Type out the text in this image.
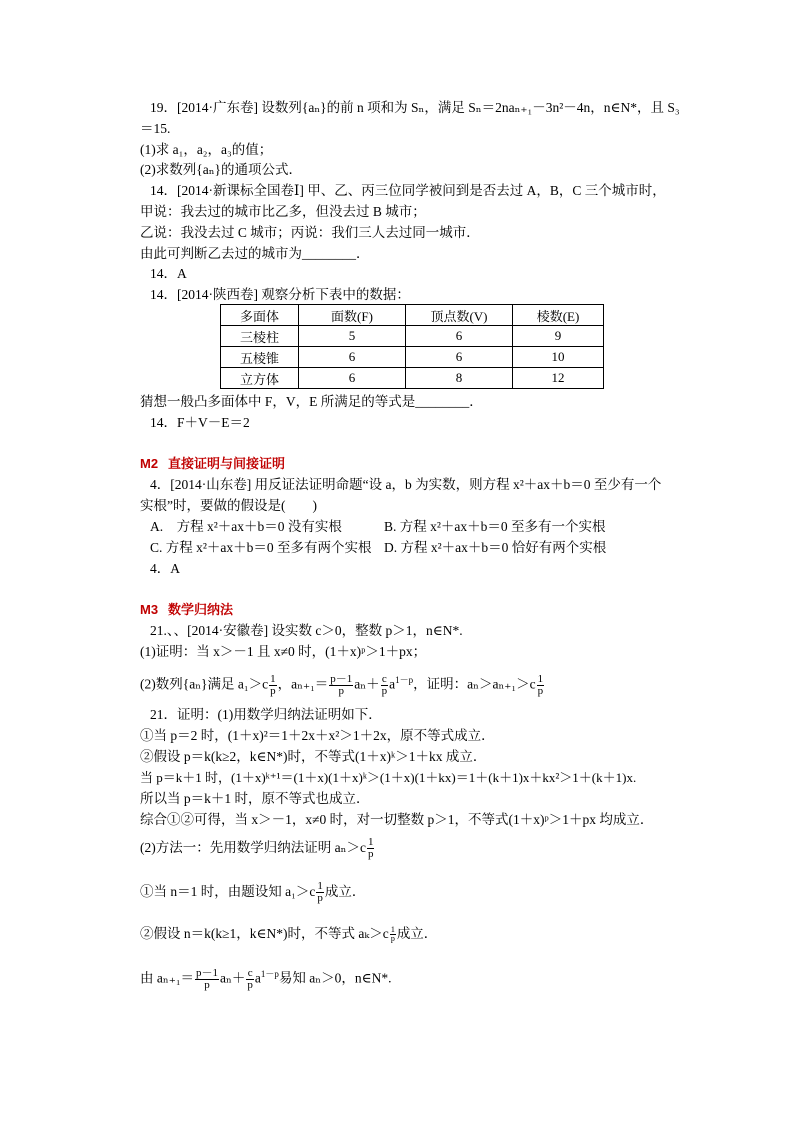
19．[2014·广东卷] 设数列{aₙ}的前 n 项和为 Sₙ，满足 Sₙ＝2naₙ₊₁－3n²－4n，n∈N*，且 S₃
＝15.
(1)求 a₁，a₂，a₃的值；
(2)求数列{aₙ}的通项公式．
14．[2014·新课标全国卷Ⅰ] 甲、乙、丙三位同学被问到是否去过 A，B，C 三个城市时，
甲说：我去过的城市比乙多，但没去过 B 城市；
乙说：我没去过 C 城市；丙说：我们三人去过同一城市．
由此可判断乙去过的城市为________．
14．A
14．[2014·陕西卷] 观察分析下表中的数据：
多面体	面数(F)	顶点数(V)	棱数(E)
三棱柱	5	6	9
五棱锥	6	6	10
立方体	6	8	12
猜想一般凸多面体中 F，V，E 所满足的等式是________．
14．F＋V－E＝2
M2 直接证明与间接证明
4．[2014·山东卷] 用反证法证明命题“设 a，b 为实数，则方程 x²＋ax＋b＝0 至少有一个
实根”时，要做的假设是(　　)
A.　方程 x²＋ax＋b＝0 没有实根	B. 方程 x²＋ax＋b＝0 至多有一个实根
C. 方程 x²＋ax＋b＝0 至多有两个实根 D. 方程 x²＋ax＋b＝0 恰好有两个实根
4．A
M3 数学归纳法
21.、、[2014·安徽卷] 设实数 c＞0，整数 p＞1，n∈N*.
(1)证明：当 x＞－1 且 x≠0 时，(1＋x)ᵖ＞1＋px；
(2)数列{aₙ}满足 $a_1>c \frac{1}{p}$ ，$a_{n+1}= \frac{p-1}{p} a_n+ \frac{c}{p} a^{1-p}$，证明：$a_n>a_{n+1}>c \frac{1}{p}$
21．证明：(1)用数学归纳法证明如下．
①当 p＝2 时，(1＋x)²＝1＋2x＋x²＞1＋2x，原不等式成立．
②假设 p＝k(k≥2，k∈N*)时，不等式(1＋x)ᵏ＞1＋kx 成立．
当 p＝k＋1 时，(1＋x)ᵏ⁺¹＝(1＋x)(1＋x)ᵏ＞(1＋x)(1＋kx)＝1＋(k＋1)x＋kx²＞1＋(k＋1)x.
所以当 p＝k＋1 时，原不等式也成立．
综合①②可得，当 x＞－1，x≠0 时，对一切整数 p＞1，不等式(1＋x)ᵖ＞1＋px 均成立．
(2)方法一：先用数学归纳法证明 $a_n>c \frac{1}{p}$
①当 n＝1 时，由题设知 $a_1>c \frac{1}{p}$ 成立．
②假设 n＝k(k≥1，k∈N*)时，不等式 $a_k>c \frac{1}{p}$ 成立．
由 $a_{n+1}= \frac{p-1}{p} a_n+ \frac{c}{p} a^{1-p}$易知 aₙ＞0，n∈N*.
